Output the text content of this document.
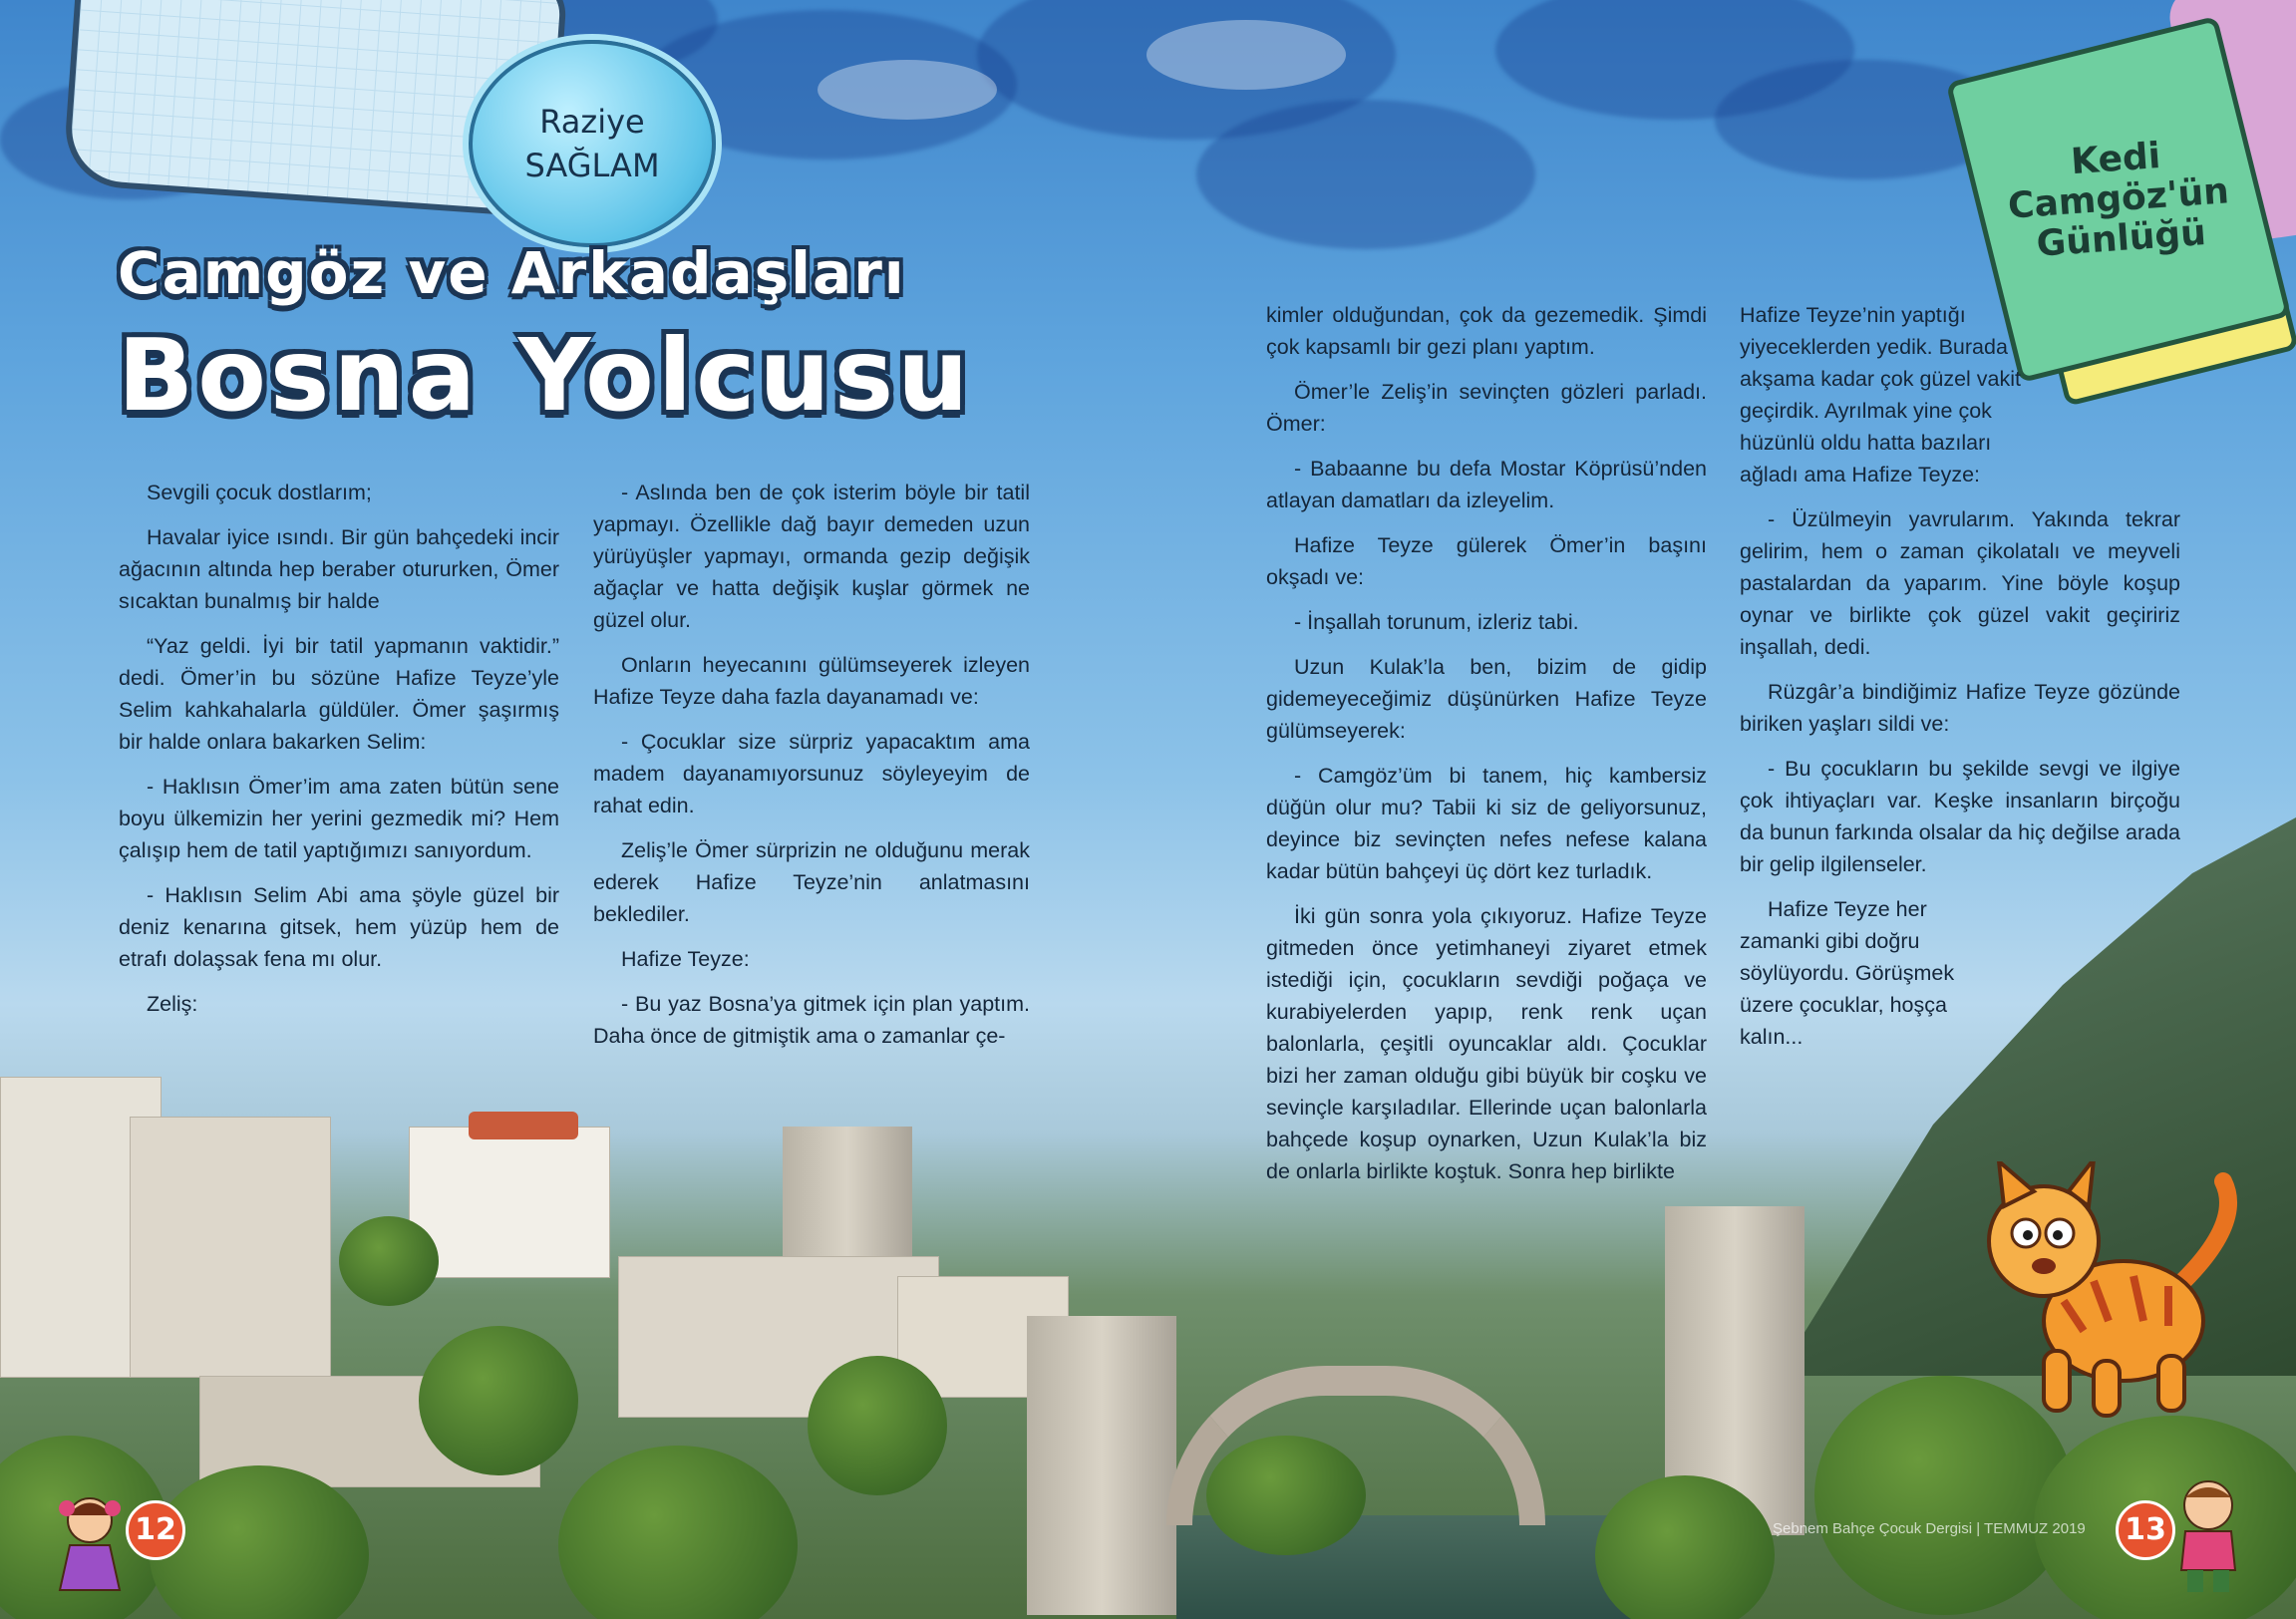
Raziye
SAĞLAM	Kedi
Camgöz'ün
Günlüğü
Camgöz ve Arkadaşları
Bosna Yolcusu

Sevgili çocuk dostlarım;

Havalar iyice ısındı. Bir gün bahçedeki incir ağacının altında hep beraber otururken, Ömer sıcaktan bunalmış bir halde

“Yaz geldi. İyi bir tatil yapmanın vaktidir.” dedi. Ömer’in bu sözüne Hafize Teyze’yle Selim kahkahalarla güldüler. Ömer şaşırmış bir halde onlara bakarken Selim:

- Haklısın Ömer’im ama zaten bütün sene boyu ülkemizin her yerini gezmedik mi? Hem çalışıp hem de tatil yaptığımızı sanıyordum.

- Haklısın Selim Abi ama şöyle güzel bir deniz kenarına gitsek, hem yüzüp hem de etrafı dolaşsak fena mı olur.

Zeliş:

- Aslında ben de çok isterim böyle bir tatil yapmayı. Özellikle dağ bayır demeden uzun yürüyüşler yapmayı, ormanda gezip değişik ağaçlar ve hatta değişik kuşlar görmek ne güzel olur.

Onların heyecanını gülümseyerek izleyen Hafize Teyze daha fazla dayanamadı ve:

- Çocuklar size sürpriz yapacaktım ama madem dayanamıyorsunuz söyleyeyim de rahat edin.

Zeliş’le Ömer sürprizin ne olduğunu merak ederek Hafize Teyze’nin anlatmasını beklediler.

Hafize Teyze:

- Bu yaz Bosna’ya gitmek için plan yaptım. Daha önce de gitmiştik ama o zamanlar çe-

kimler olduğundan, çok da gezemedik. Şimdi çok kapsamlı bir gezi planı yaptım.

Ömer’le Zeliş’in sevinçten gözleri parladı. Ömer:

- Babaanne bu defa Mostar Köprüsü’nden atlayan damatları da izleyelim.

Hafize Teyze gülerek Ömer’in başını okşadı ve:

- İnşallah torunum, izleriz tabi.

Uzun Kulak’la ben, bizim de gidip gidemeyeceğimiz düşünürken Hafize Teyze gülümseyerek:

- Camgöz’üm bi tanem, hiç kambersiz düğün olur mu? Tabii ki siz de geliyorsunuz, deyince biz sevinçten nefes nefese kalana kadar bütün bahçeyi üç dört kez turladık.

İki gün sonra yola çıkıyoruz. Hafize Teyze gitmeden önce yetimhaneyi ziyaret etmek istediği için, çocukların sevdiği poğaça ve kurabiyelerden yapıp, renk renk uçan balonlarla, çeşitli oyuncaklar aldı. Çocuklar bizi her zaman olduğu gibi büyük bir coşku ve sevinçle karşıladılar. Ellerinde uçan balonlarla bahçede koşup oynarken, Uzun Kulak’la biz de onlarla birlikte koştuk. Sonra hep birlikte

Hafize Teyze’nin yaptığı yiyeceklerden yedik. Burada akşama kadar çok güzel vakit geçirdik. Ayrılmak yine çok hüzünlü oldu hatta bazıları ağladı ama Hafize Teyze:

- Üzülmeyin yavrularım. Yakında tekrar gelirim, hem o zaman çikolatalı ve meyveli pastalardan da yaparım. Yine böyle koşup oynar ve birlikte çok güzel vakit geçiririz inşallah, dedi.

Rüzgâr’a bindiğimiz Hafize Teyze gözünde biriken yaşları sildi ve:

- Bu çocukların bu şekilde sevgi ve ilgiye çok ihtiyaçları var. Keşke insanların birçoğu da bunun farkında olsalar da hiç değilse arada bir gelip ilgilenseler.

Hafize Teyze her zamanki gibi doğru söylüyordu. Görüşmek üzere çocuklar, hoşça kalın...

12	Şebnem Bahçe Çocuk Dergisi | TEMMUZ 2019	13
